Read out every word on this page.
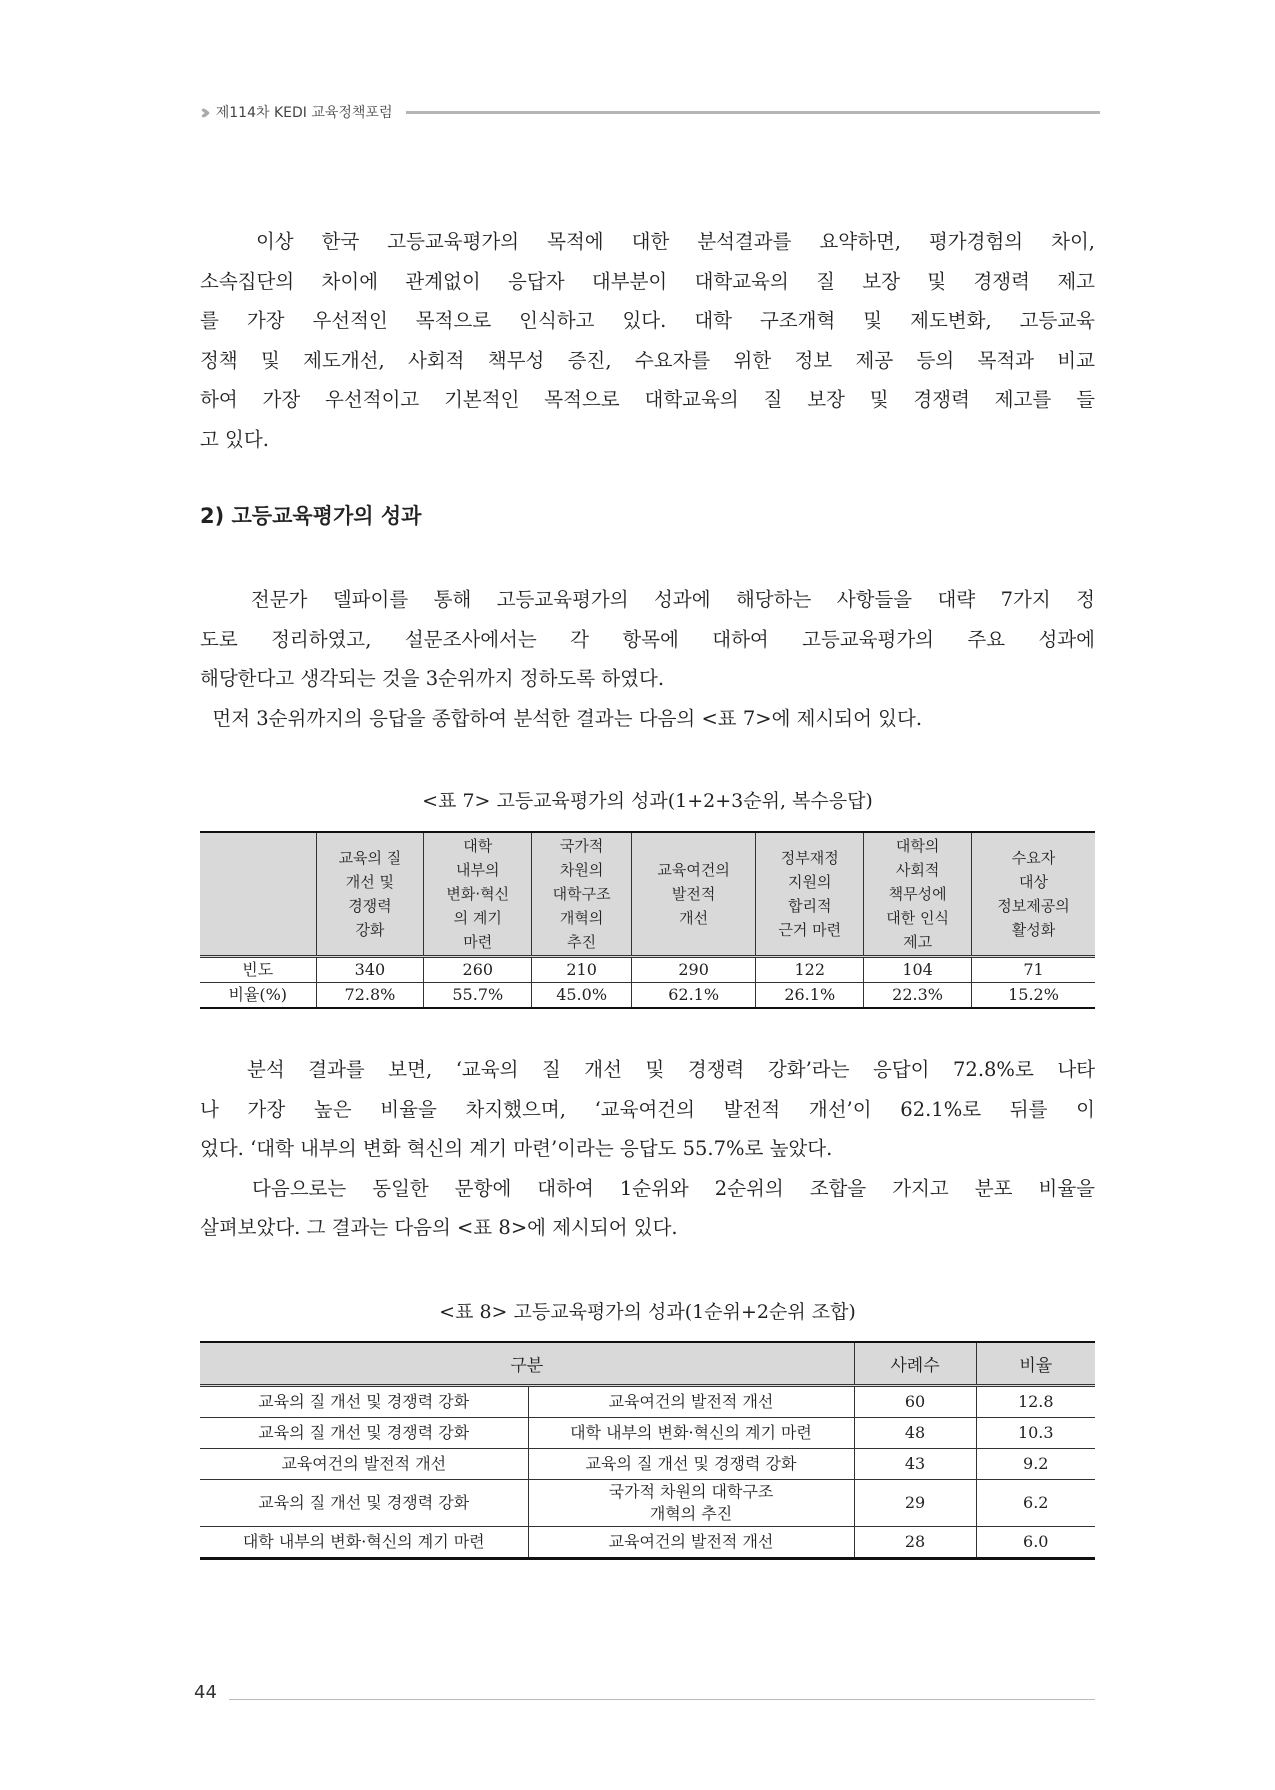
››› 제114차 KEDI 교육정책포럼
이상 한국 고등교육평가의 목적에 대한 분석결과를 요약하면, 평가경험의 차이,
소속집단의 차이에 관계없이 응답자 대부분이 대학교육의 질 보장 및 경쟁력 제고
를 가장 우선적인 목적으로 인식하고 있다. 대학 구조개혁 및 제도변화, 고등교육
정책 및 제도개선, 사회적 책무성 증진, 수요자를 위한 정보 제공 등의 목적과 비교
하여 가장 우선적이고 기본적인 목적으로 대학교육의 질 보장 및 경쟁력 제고를 들
고 있다.
2) 고등교육평가의 성과
전문가 델파이를 통해 고등교육평가의 성과에 해당하는 사항들을 대략 7가지 정
도로 정리하였고, 설문조사에서는 각 항목에 대하여 고등교육평가의 주요 성과에
해당한다고 생각되는 것을 3순위까지 정하도록 하였다.
먼저 3순위까지의 응답을 종합하여 분석한 결과는 다음의 <표 7>에 제시되어 있다.
<표 7> 고등교육평가의 성과(1+2+3순위, 복수응답)
	교육의 질
개선 및
경쟁력
강화	대학
내부의
변화·혁신
의 계기
마련	국가적
차원의
대학구조
개혁의
추진	교육여건의
발전적
개선	정부재정
지원의
합리적
근거 마련	대학의
사회적
책무성에
대한 인식
제고	수요자
대상
정보제공의
활성화
빈도	340	260	210	290	122	104	71
비율(%)	72.8%	55.7%	45.0%	62.1%	26.1%	22.3%	15.2%
분석 결과를 보면, ‘교육의 질 개선 및 경쟁력 강화’라는 응답이 72.8%로 나타
나 가장 높은 비율을 차지했으며, ‘교육여건의 발전적 개선’이 62.1%로 뒤를 이
었다. ‘대학 내부의 변화 혁신의 계기 마련’이라는 응답도 55.7%로 높았다.
다음으로는 동일한 문항에 대하여 1순위와 2순위의 조합을 가지고 분포 비율을
살펴보았다. 그 결과는 다음의 <표 8>에 제시되어 있다.
<표 8> 고등교육평가의 성과(1순위+2순위 조합)
구분		사례수	비율
교육의 질 개선 및 경쟁력 강화	교육여건의 발전적 개선	60	12.8
교육의 질 개선 및 경쟁력 강화	대학 내부의 변화·혁신의 계기 마련	48	10.3
교육여건의 발전적 개선	교육의 질 개선 및 경쟁력 강화	43	9.2
교육의 질 개선 및 경쟁력 강화	국가적 차원의 대학구조
개혁의 추진	29	6.2
대학 내부의 변화·혁신의 계기 마련	교육여건의 발전적 개선	28	6.0
44
